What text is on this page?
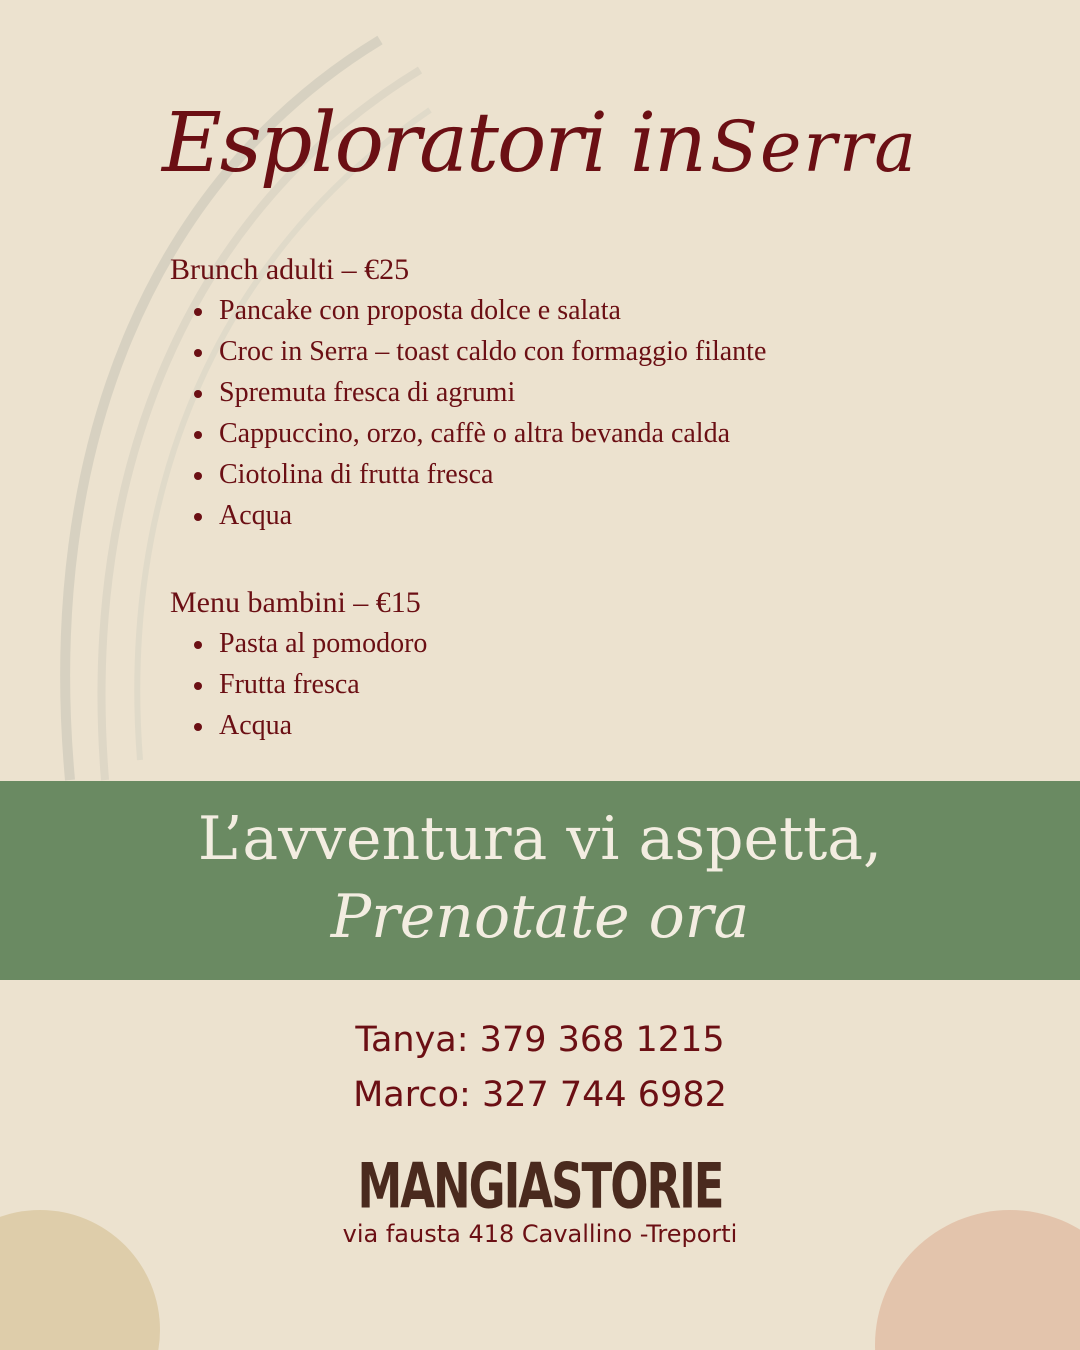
Esploratori in Serra
Brunch adulti – €25
Pancake con proposta dolce e salata
Croc in Serra – toast caldo con formaggio filante
Spremuta fresca di agrumi
Cappuccino, orzo, caffè o altra bevanda calda
Ciotolina di frutta fresca
Acqua
Menu bambini – €15
Pasta al pomodoro
Frutta fresca
Acqua
L’avventura vi aspetta,
Prenotate ora
Tanya: 379 368 1215
Marco: 327 744 6982
MANGIASTORIE
via fausta 418 Cavallino -Treporti
